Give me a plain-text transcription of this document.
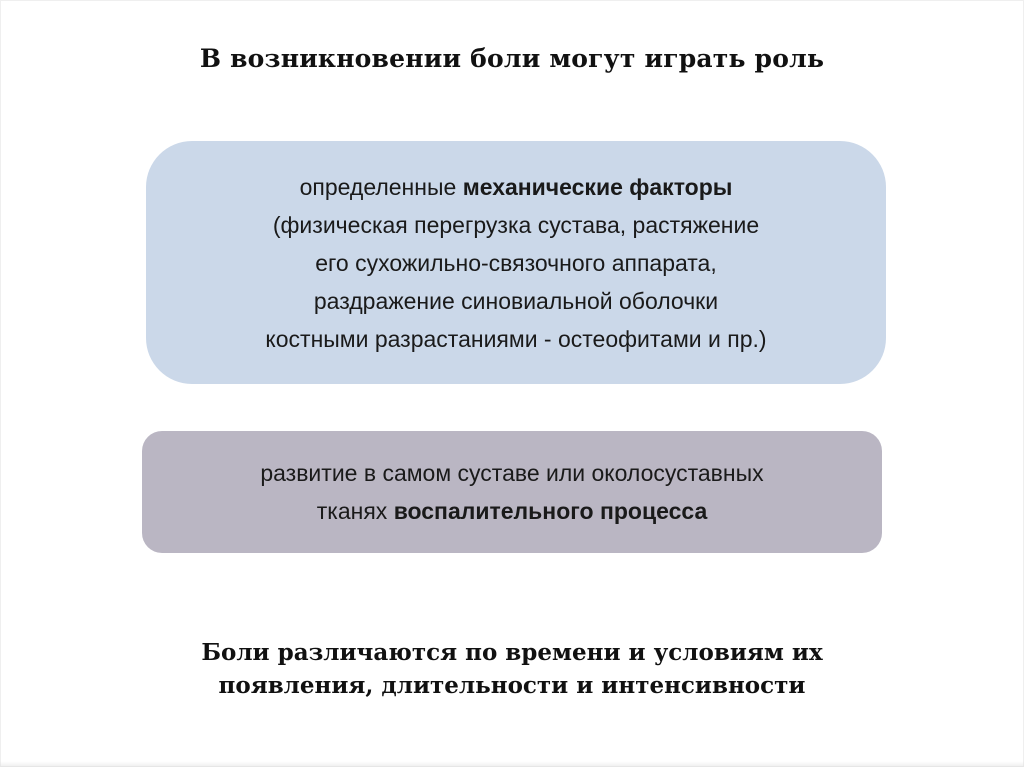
В возникновении боли могут играть роль
определенные механические факторы
(физическая перегрузка сустава, растяжение
его сухожильно-связочного аппарата,
раздражение синовиальной оболочки
костными разрастаниями - остеофитами и пр.)
развитие в самом суставе или околосуставных
тканях воспалительного процесса
Боли различаются по времени и условиям их
появления, длительности и интенсивности
